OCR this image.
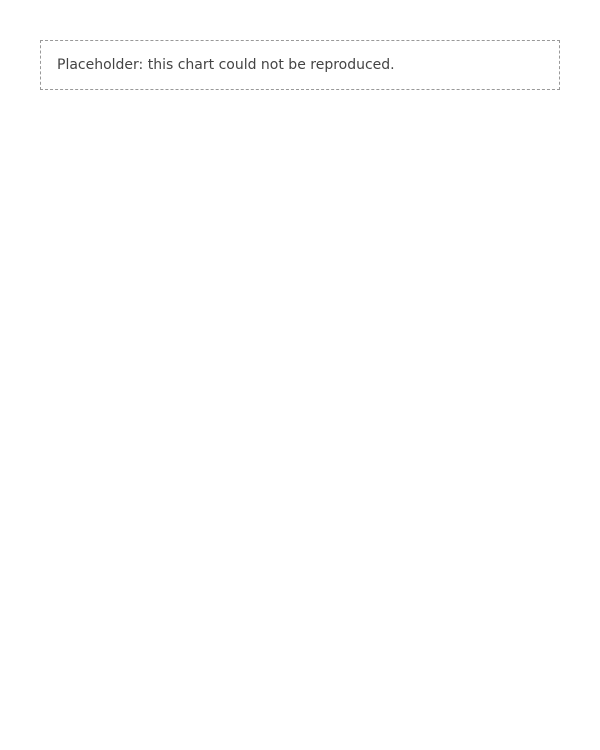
Placeholder: this chart could not be reproduced.
